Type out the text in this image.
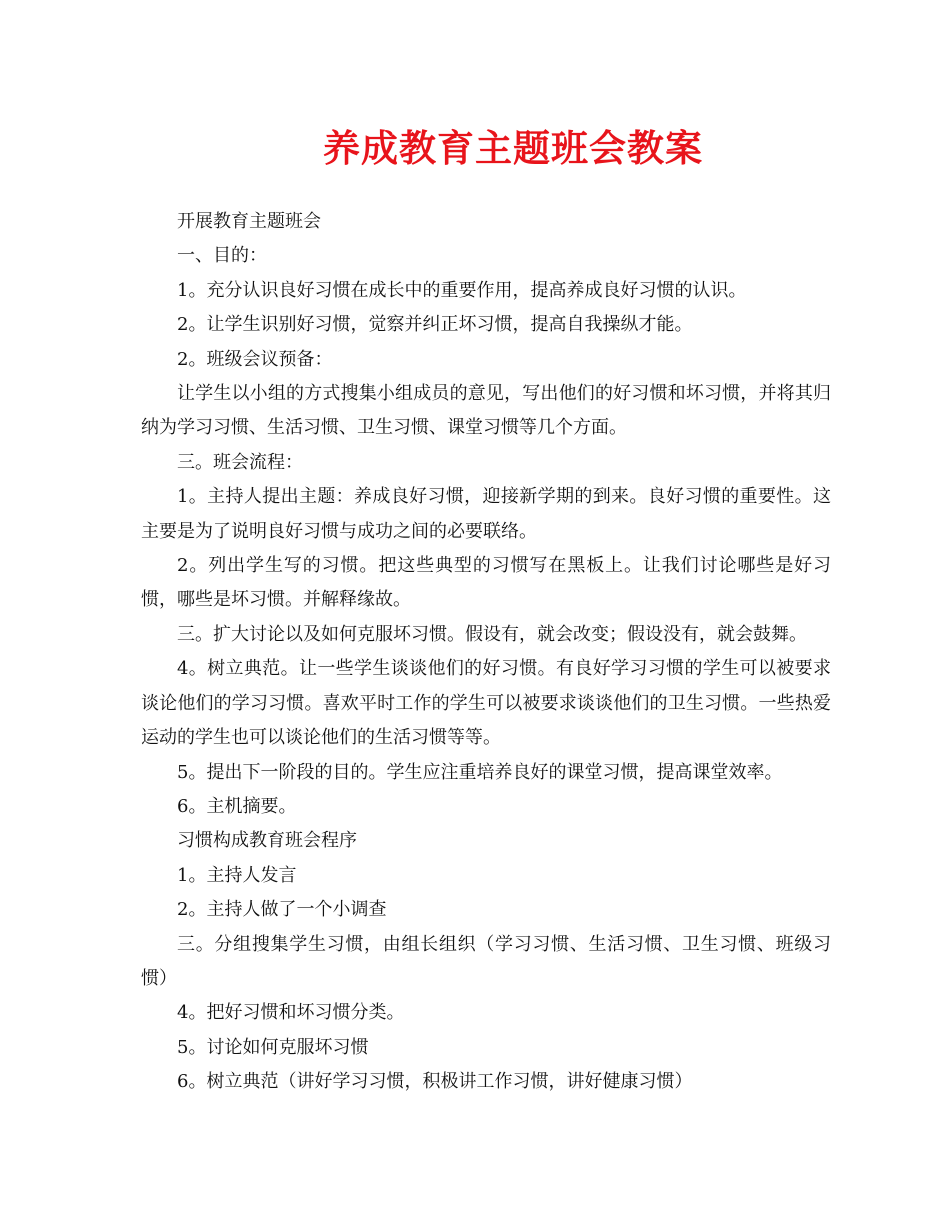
养成教育主题班会教案

开展教育主题班会

一、目的：

1。充分认识良好习惯在成长中的重要作用，提高养成良好习惯的认识。

2。让学生识别好习惯，觉察并纠正坏习惯，提高自我操纵才能。

2。班级会议预备：

让学生以小组的方式搜集小组成员的意见，写出他们的好习惯和坏习惯，并将其归纳为学习习惯、生活习惯、卫生习惯、课堂习惯等几个方面。

三。班会流程：

1。主持人提出主题：养成良好习惯，迎接新学期的到来。良好习惯的重要性。这主要是为了说明良好习惯与成功之间的必要联络。

2。列出学生写的习惯。把这些典型的习惯写在黑板上。让我们讨论哪些是好习惯，哪些是坏习惯。并解释缘故。

三。扩大讨论以及如何克服坏习惯。假设有，就会改变；假设没有，就会鼓舞。

4。树立典范。让一些学生谈谈他们的好习惯。有良好学习习惯的学生可以被要求谈论他们的学习习惯。喜欢平时工作的学生可以被要求谈谈他们的卫生习惯。一些热爱运动的学生也可以谈论他们的生活习惯等等。

5。提出下一阶段的目的。学生应注重培养良好的课堂习惯，提高课堂效率。

6。主机摘要。

习惯构成教育班会程序

1。主持人发言

2。主持人做了一个小调查

三。分组搜集学生习惯，由组长组织（学习习惯、生活习惯、卫生习惯、班级习惯）

4。把好习惯和坏习惯分类。

5。讨论如何克服坏习惯

6。树立典范（讲好学习习惯，积极讲工作习惯，讲好健康习惯）
